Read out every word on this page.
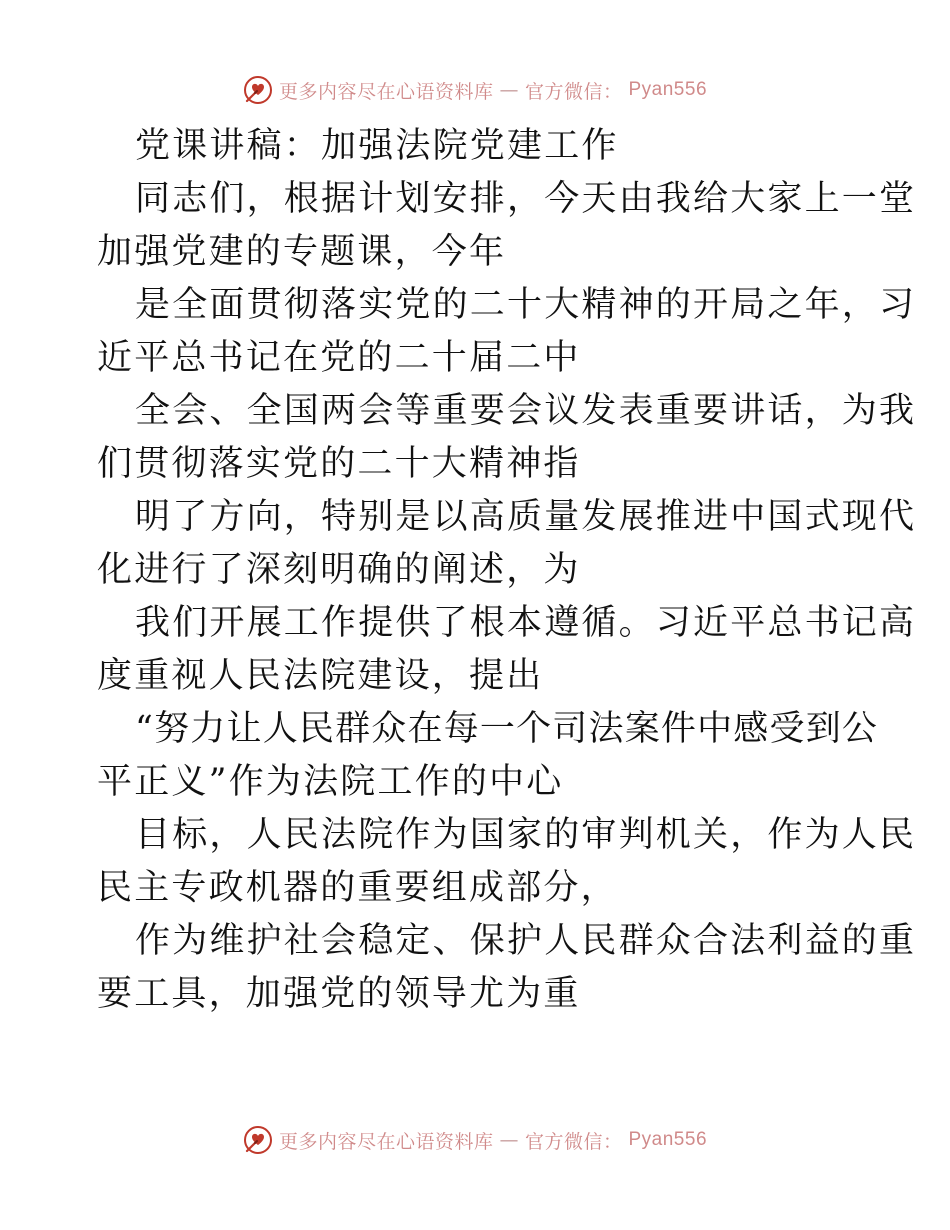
更多内容尽在心语资料库 — 官方微信： Pyan556
党课讲稿：加强法院党建工作
同志们，根据计划安排，今天由我给大家上一堂
加强党建的专题课，今年
是全面贯彻落实党的二十大精神的开局之年，习
近平总书记在党的二十届二中
全会、全国两会等重要会议发表重要讲话，为我
们贯彻落实党的二十大精神指
明了方向，特别是以高质量发展推进中国式现代
化进行了深刻明确的阐述，为
我们开展工作提供了根本遵循。习近平总书记高
度重视人民法院建设，提出
“努力让人民群众在每一个司法案件中感受到公
平正义”作为法院工作的中心
目标，人民法院作为国家的审判机关，作为人民
民主专政机器的重要组成部分，
作为维护社会稳定、保护人民群众合法利益的重
要工具，加强党的领导尤为重
更多内容尽在心语资料库 — 官方微信： Pyan556
